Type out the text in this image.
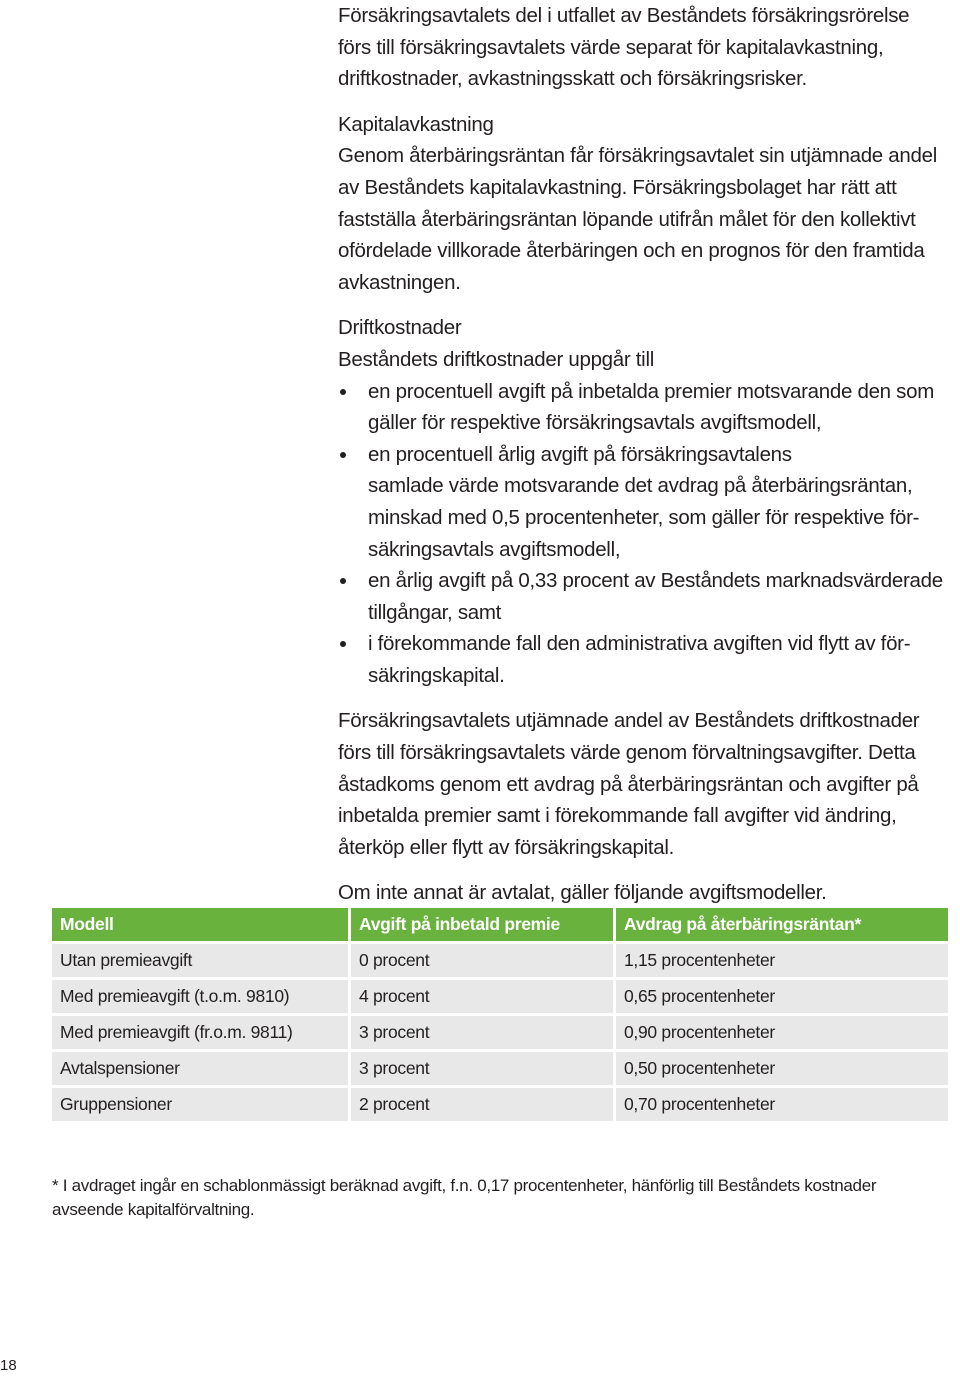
Försäkringsavtalets del i utfallet av Beståndets försäkringsrörelse
förs till försäkringsavtalets värde separat för kapitalavkastning,
driftkostnader, avkastningsskatt och försäkringsrisker.

Kapitalavkastning

Genom återbäringsräntan får försäkringsavtalet sin utjämnade andel
av Beståndets kapitalavkastning. Försäkringsbolaget har rätt att
fastställa återbäringsräntan löpande utifrån målet för den kollektivt
ofördelade villkorade återbäringen och en prognos för den framtida
avkastningen.

Driftkostnader

Beståndets driftkostnader uppgår till

en procentuell avgift på inbetalda premier motsvarande den som
gäller för respektive försäkringsavtals avgiftsmodell,
en procentuell årlig avgift på försäkringsavtalens
samlade värde motsvarande det avdrag på återbäringsräntan,
minskad med 0,5 procentenheter, som gäller för respektive för-
säkringsavtals avgiftsmodell,
en årlig avgift på 0,33 procent av Beståndets marknadsvärderade
tillgångar, samt
i förekommande fall den administrativa avgiften vid flytt av för-
säkringskapital.

Försäkringsavtalets utjämnade andel av Beståndets driftkostnader
förs till försäkringsavtalets värde genom förvaltningsavgifter. Detta
åstadkoms genom ett avdrag på återbäringsräntan och avgifter på
inbetalda premier samt i förekommande fall avgifter vid ändring,
återköp eller flytt av försäkringskapital.

Om inte annat är avtalat, gäller följande avgiftsmodeller.

Modell	Avgift på inbetald premie	Avdrag på återbäringsräntan*
Utan premieavgift	0 procent	1,15 procentenheter
Med premieavgift (t.o.m. 9810)	4 procent	0,65 procentenheter
Med premieavgift (fr.o.m. 9811)	3 procent	0,90 procentenheter
Avtalspensioner	3 procent	0,50 procentenheter
Gruppensioner	2 procent	0,70 procentenheter

* I avdraget ingår en schablonmässigt beräknad avgift, f.n. 0,17 procentenheter, hänförlig till Beståndets kostnader
avseende kapitalförvaltning.

18
